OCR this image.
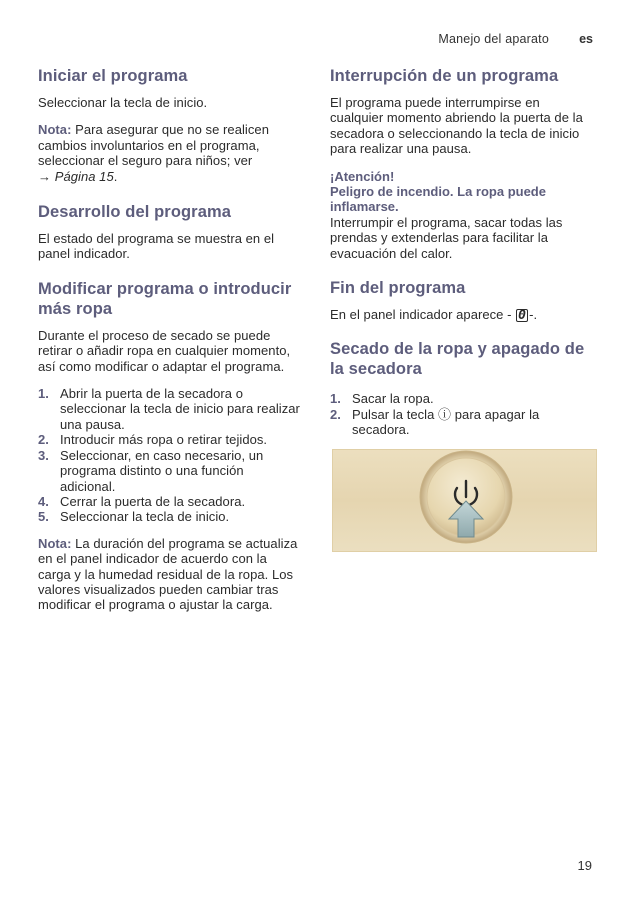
Manejo del aparato es
Iniciar el programa

Seleccionar la tecla de inicio.

Nota: Para asegurar que no se realicen cambios involuntarios en el programa, seleccionar el seguro para niños; ver
→ Página 15.

Desarrollo del programa

El estado del programa se muestra en el panel indicador.

Modificar programa o introducir más ropa

Durante el proceso de secado se puede retirar o añadir ropa en cualquier momento, así como modificar o adaptar el programa.

1. Abrir la puerta de la secadora o seleccionar la tecla de inicio para realizar una pausa.
2. Introducir más ropa o retirar tejidos.
3. Seleccionar, en caso necesario, un programa distinto o una función adicional.
4. Cerrar la puerta de la secadora.
5. Seleccionar la tecla de inicio.

Nota: La duración del programa se actualiza en el panel indicador de acuerdo con la carga y la humedad residual de la ropa. Los valores visualizados pueden cambiar tras modificar el programa o ajustar la carga.

Interrupción de un programa

El programa puede interrumpirse en cualquier momento abriendo la puerta de la secadora o seleccionando la tecla de inicio para realizar una pausa.

¡Atención!
Peligro de incendio. La ropa puede inflamarse.

Interrumpir el programa, sacar todas las prendas y extenderlas para facilitar la evacuación del calor.

Fin del programa

En el panel indicador aparece - 0 -.

Secado de la ropa y apagado de la secadora
1. Sacar la ropa.
2. Pulsar la tecla ⓘ para apagar la secadora.
19
